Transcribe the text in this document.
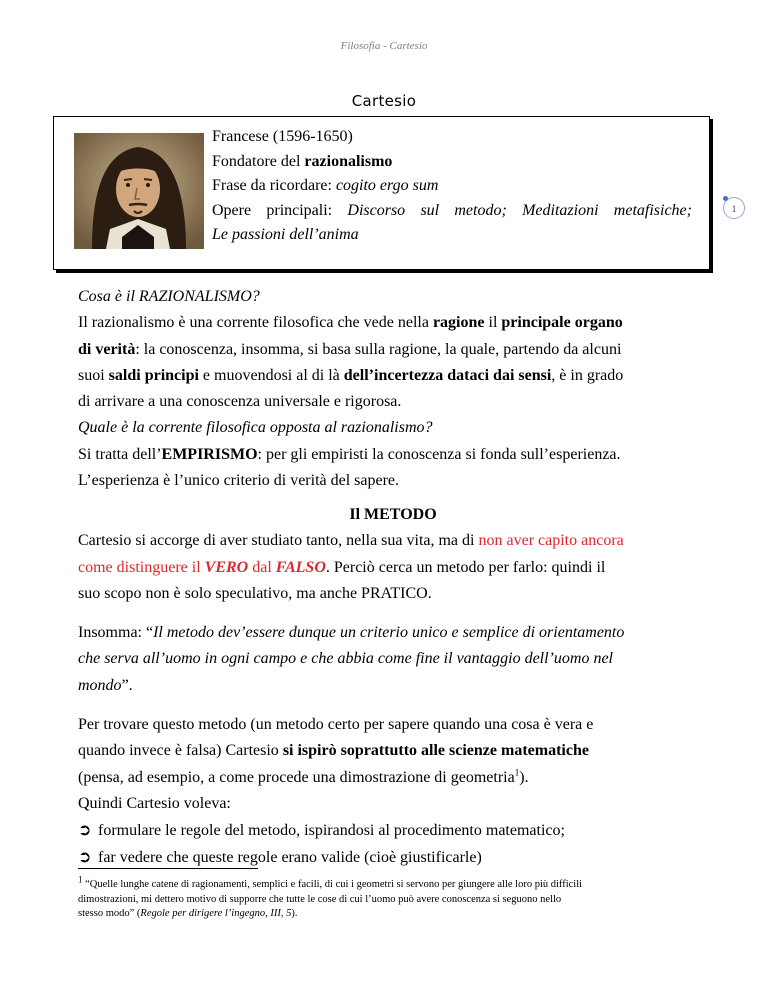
Filosofia - Cartesio
Cartesio
Francese (1596-1650)
Fondatore del razionalismo
Frase da ricordare: cogito ergo sum
Opere principali: Discorso sul metodo; Meditazioni metafisiche;
Le passioni dell’anima
1

Cosa è il RAZIONALISMO?

Il razionalismo è una corrente filosofica che vede nella ragione il principale organo

di verità: la conoscenza, insomma, si basa sulla ragione, la quale, partendo da alcuni

suoi saldi principi e muovendosi al di là dell’incertezza dataci dai sensi, è in grado

di arrivare a una conoscenza universale e rigorosa.

Quale è la corrente filosofica opposta al razionalismo?

Si tratta dell’EMPIRISMO: per gli empiristi la conoscenza si fonda sull’esperienza.

L’esperienza è l’unico criterio di verità del sapere.

Il METODO

Cartesio si accorge di aver studiato tanto, nella sua vita, ma di non aver capito ancora

come distinguere il VERO dal FALSO. Perciò cerca un metodo per farlo: quindi il

suo scopo non è solo speculativo, ma anche PRATICO.

Insomma: “Il metodo dev’essere dunque un criterio unico e semplice di orientamento

che serva all’uomo in ogni campo e che abbia come fine il vantaggio dell’uomo nel

mondo”.

Per trovare questo metodo (un metodo certo per sapere quando una cosa è vera e

quando invece è falsa) Cartesio si ispirò soprattutto alle scienze matematiche

(pensa, ad esempio, a come procede una dimostrazione di geometria$^1$).

Quindi Cartesio voleva:

➲ formulare le regole del metodo, ispirandosi al procedimento matematico;

➲ far vedere che queste regole erano valide (cioè giustificarle)

$^1$ “Quelle lunghe catene di ragionamenti, semplici e facili, di cui i geometri si servono per giungere alle loro più difficili
dimostrazioni, mi dettero motivo di supporre che tutte le cose di cui l’uomo può avere conoscenza si seguono nello
stesso modo” (Regole per dirigere l’ingegno, III, 5).
